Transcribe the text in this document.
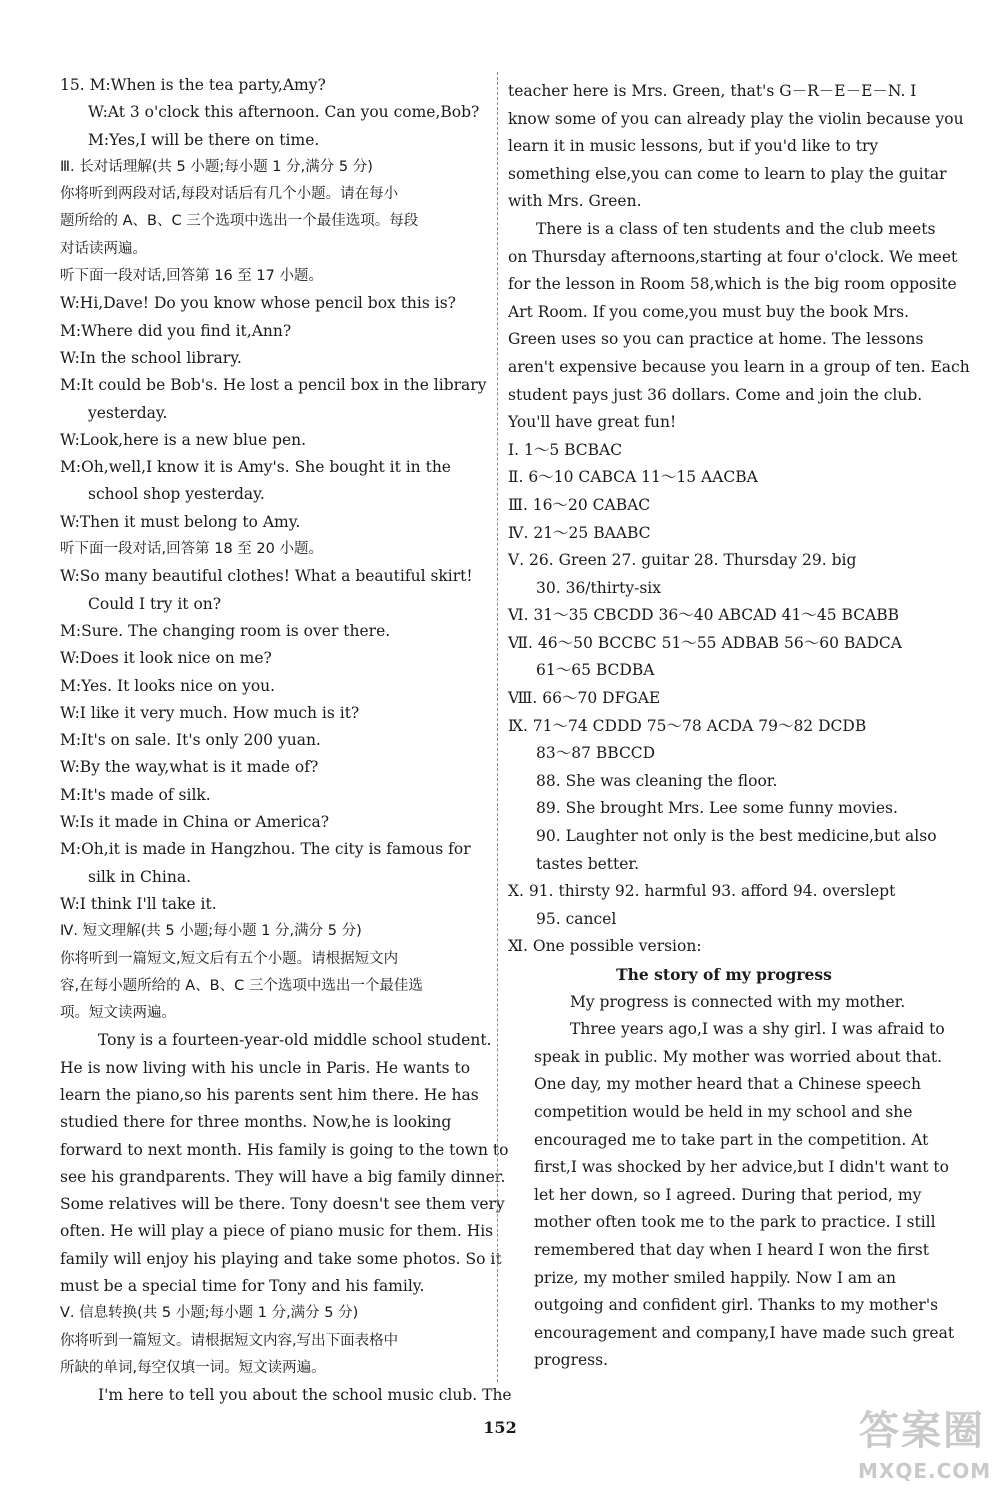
15. M:When is the tea party,Amy?
W:At 3 o'clock this afternoon. Can you come,Bob?
M:Yes,I will be there on time.
Ⅲ. 长对话理解(共 5 小题;每小题 1 分,满分 5 分)
你将听到两段对话,每段对话后有几个小题。请在每小
题所给的 A、B、C 三个选项中选出一个最佳选项。每段
对话读两遍。
听下面一段对话,回答第 16 至 17 小题。
W:Hi,Dave! Do you know whose pencil box this is?
M:Where did you find it,Ann?
W:In the school library.
M:It could be Bob's. He lost a pencil box in the library
yesterday.
W:Look,here is a new blue pen.
M:Oh,well,I know it is Amy's. She bought it in the
school shop yesterday.
W:Then it must belong to Amy.
听下面一段对话,回答第 18 至 20 小题。
W:So many beautiful clothes! What a beautiful skirt!
Could I try it on?
M:Sure. The changing room is over there.
W:Does it look nice on me?
M:Yes. It looks nice on you.
W:I like it very much. How much is it?
M:It's on sale. It's only 200 yuan.
W:By the way,what is it made of?
M:It's made of silk.
W:Is it made in China or America?
M:Oh,it is made in Hangzhou. The city is famous for
silk in China.
W:I think I'll take it.
Ⅳ. 短文理解(共 5 小题;每小题 1 分,满分 5 分)
你将听到一篇短文,短文后有五个小题。请根据短文内
容,在每小题所给的 A、B、C 三个选项中选出一个最佳选
项。短文读两遍。
Tony is a fourteen-year-old middle school student.
He is now living with his uncle in Paris. He wants to
learn the piano,so his parents sent him there. He has
studied there for three months. Now,he is looking
forward to next month. His family is going to the town to
see his grandparents. They will have a big family dinner.
Some relatives will be there. Tony doesn't see them very
often. He will play a piece of piano music for them. His
family will enjoy his playing and take some photos. So it
must be a special time for Tony and his family.
Ⅴ. 信息转换(共 5 小题;每小题 1 分,满分 5 分)
你将听到一篇短文。请根据短文内容,写出下面表格中
所缺的单词,每空仅填一词。短文读两遍。
I'm here to tell you about the school music club. The
teacher here is Mrs. Green, that's G－R－E－E－N. I
know some of you can already play the violin because you
learn it in music lessons, but if you'd like to try
something else,you can come to learn to play the guitar
with Mrs. Green.
There is a class of ten students and the club meets
on Thursday afternoons,starting at four o'clock. We meet
for the lesson in Room 58,which is the big room opposite
Art Room. If you come,you must buy the book Mrs.
Green uses so you can practice at home. The lessons
aren't expensive because you learn in a group of ten. Each
student pays just 36 dollars. Come and join the club.
You'll have great fun!
Ⅰ. 1～5 BCBAC
Ⅱ. 6～10 CABCA 11～15 AACBA
Ⅲ. 16～20 CABAC
Ⅳ. 21～25 BAABC
Ⅴ. 26. Green 27. guitar 28. Thursday 29. big
30. 36/thirty-six
Ⅵ. 31～35 CBCDD 36～40 ABCAD 41～45 BCABB
Ⅶ. 46～50 BCCBC 51～55 ADBAB 56～60 BADCA
61～65 BCDBA
Ⅷ. 66～70 DFGAE
Ⅸ. 71～74 CDDD 75～78 ACDA 79～82 DCDB
83～87 BBCCD
88. She was cleaning the floor.
89. She brought Mrs. Lee some funny movies.
90. Laughter not only is the best medicine,but also
tastes better.
Ⅹ. 91. thirsty 92. harmful 93. afford 94. overslept
95. cancel
Ⅺ. One possible version:
The story of my progress
My progress is connected with my mother.
Three years ago,I was a shy girl. I was afraid to
speak in public. My mother was worried about that.
One day, my mother heard that a Chinese speech
competition would be held in my school and she
encouraged me to take part in the competition. At
first,I was shocked by her advice,but I didn't want to
let her down, so I agreed. During that period, my
mother often took me to the park to practice. I still
remembered that day when I heard I won the first
prize, my mother smiled happily. Now I am an
outgoing and confident girl. Thanks to my mother's
encouragement and company,I have made such great
progress.
152	答案圈
MXQE.COM
